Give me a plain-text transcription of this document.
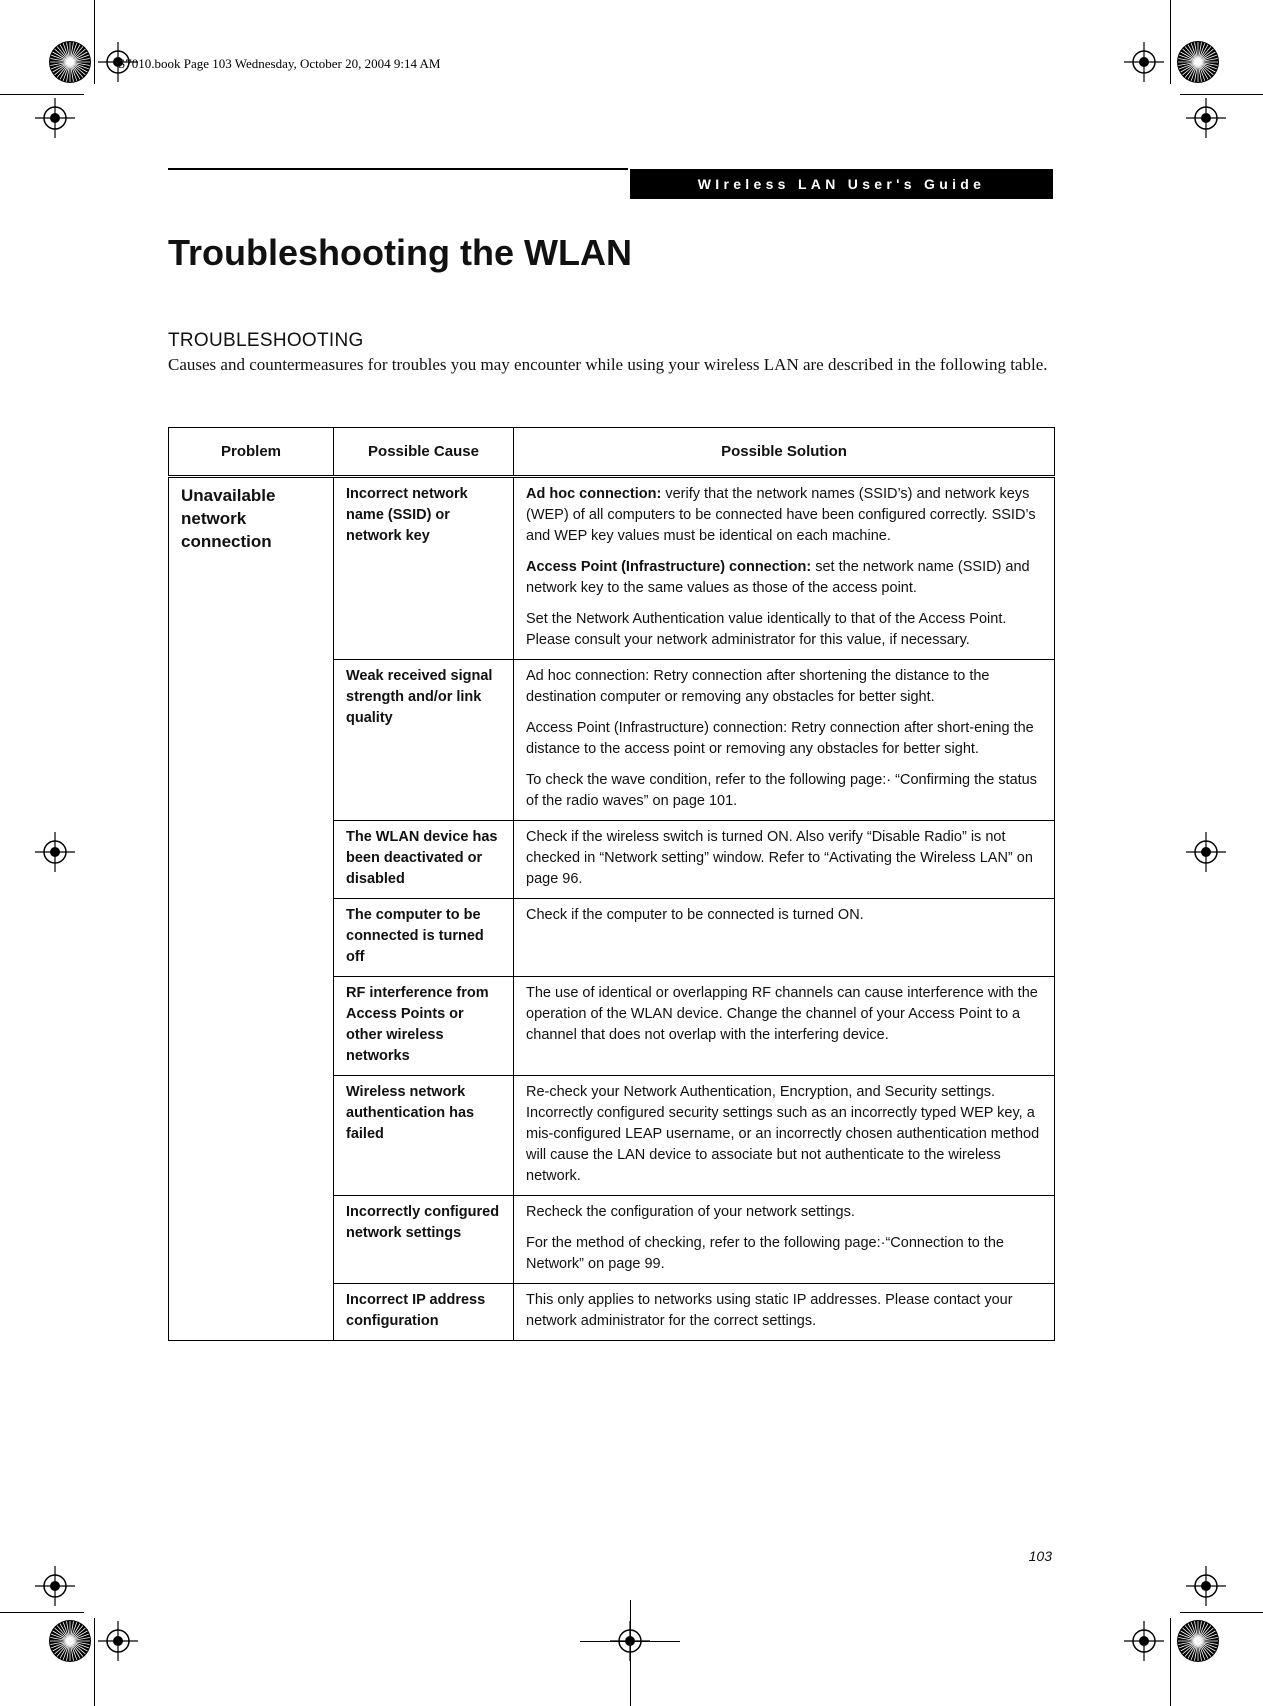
S7010.book Page 103 Wednesday, October 20, 2004 9:14 AM
WIreless LAN User's Guide
Troubleshooting the WLAN
TROUBLESHOOTING

Causes and countermeasures for troubles you may encounter while using your wireless LAN are described in the following table.

Problem	Possible Cause	Possible Solution
Unavailable network connection	Incorrect network name (SSID) or network key	Ad hoc connection: verify that the network names (SSID’s) and network keys (WEP) of all computers to be connected have been configured correctly. SSID’s and WEP key values must be identical on each machine.

Access Point (Infrastructure) connection: set the network name (SSID) and network key to the same values as those of the access point.

Set the Network Authentication value identically to that of the Access Point. Please consult your network administrator for this value, if necessary.

	Weak received signal strength and/or link quality	Ad hoc connection: Retry connection after shortening the distance to the destination computer or removing any obstacles for better sight.

Access Point (Infrastructure) connection: Retry connection after short-ening the distance to the access point or removing any obstacles for better sight.

To check the wave condition, refer to the following page:· “Confirming the status of the radio waves” on page 101.

	The WLAN device has been deactivated or disabled	Check if the wireless switch is turned ON. Also verify “Disable Radio” is not checked in “Network setting” window. Refer to “Activating the Wireless LAN” on page 96.

	The computer to be connected is turned off	Check if the computer to be connected is turned ON.

	RF interference from Access Points or other wireless networks	The use of identical or overlapping RF channels can cause interference with the operation of the WLAN device. Change the channel of your Access Point to a channel that does not overlap with the interfering device.

	Wireless network authentication has failed	Re-check your Network Authentication, Encryption, and Security settings. Incorrectly configured security settings such as an incorrectly typed WEP key, a mis-configured LEAP username, or an incorrectly chosen authentication method will cause the LAN device to associate but not authenticate to the wireless network.

	Incorrectly configured network settings	Recheck the configuration of your network settings.

For the method of checking, refer to the following page:·“Connection to the Network” on page 99.

	Incorrect IP address configuration	This only applies to networks using static IP addresses. Please contact your network administrator for the correct settings.

103
